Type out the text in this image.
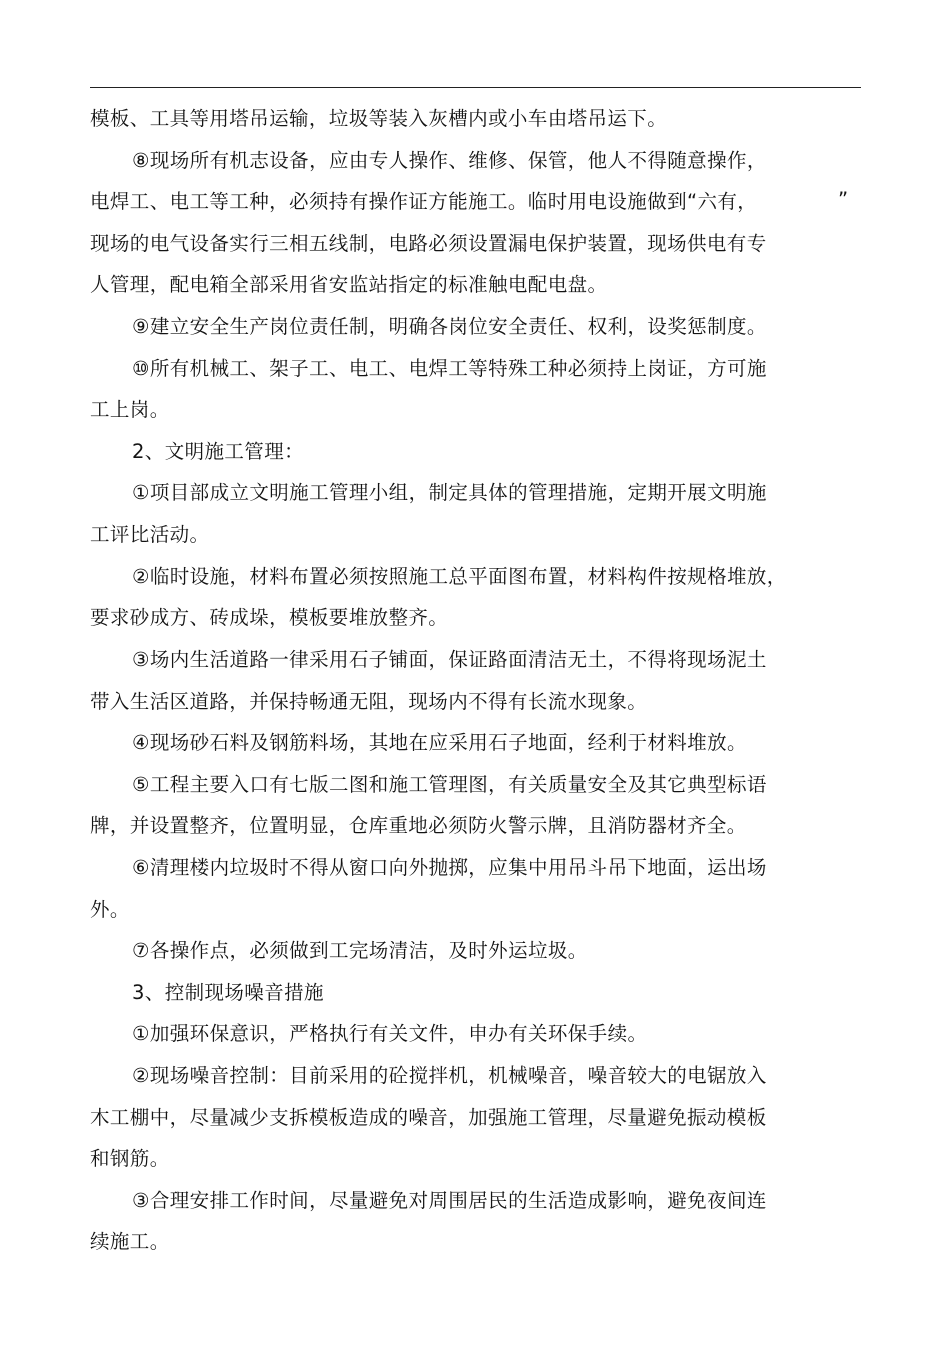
模板、工具等用塔吊运输，垃圾等装入灰槽内或小车由塔吊运下。
⑧现场所有机志设备，应由专人操作、维修、保管，他人不得随意操作，
电焊工、电工等工种，必须持有操作证方能施工。临时用电设施做到“六有，	”
现场的电气设备实行三相五线制，电路必须设置漏电保护装置，现场供电有专
人管理，配电箱全部采用省安监站指定的标准触电配电盘。
⑨建立安全生产岗位责任制，明确各岗位安全责任、权利，设奖惩制度。
⑩所有机械工、架子工、电工、电焊工等特殊工种必须持上岗证，方可施
工上岗。
2、文明施工管理：
①项目部成立文明施工管理小组，制定具体的管理措施，定期开展文明施
工评比活动。
②临时设施，材料布置必须按照施工总平面图布置，材料构件按规格堆放，
要求砂成方、砖成垛，模板要堆放整齐。
③场内生活道路一律采用石子铺面，保证路面清洁无土，不得将现场泥土
带入生活区道路，并保持畅通无阻，现场内不得有长流水现象。
④现场砂石料及钢筋料场，其地在应采用石子地面，经利于材料堆放。
⑤工程主要入口有七版二图和施工管理图，有关质量安全及其它典型标语
牌，并设置整齐，位置明显，仓库重地必须防火警示牌，且消防器材齐全。
⑥清理楼内垃圾时不得从窗口向外抛掷，应集中用吊斗吊下地面，运出场
外。
⑦各操作点，必须做到工完场清洁，及时外运垃圾。
3、控制现场噪音措施
①加强环保意识，严格执行有关文件，申办有关环保手续。
②现场噪音控制：目前采用的砼搅拌机，机械噪音，噪音较大的电锯放入
木工棚中，尽量减少支拆模板造成的噪音，加强施工管理，尽量避免振动模板
和钢筋。
③合理安排工作时间，尽量避免对周围居民的生活造成影响，避免夜间连
续施工。
